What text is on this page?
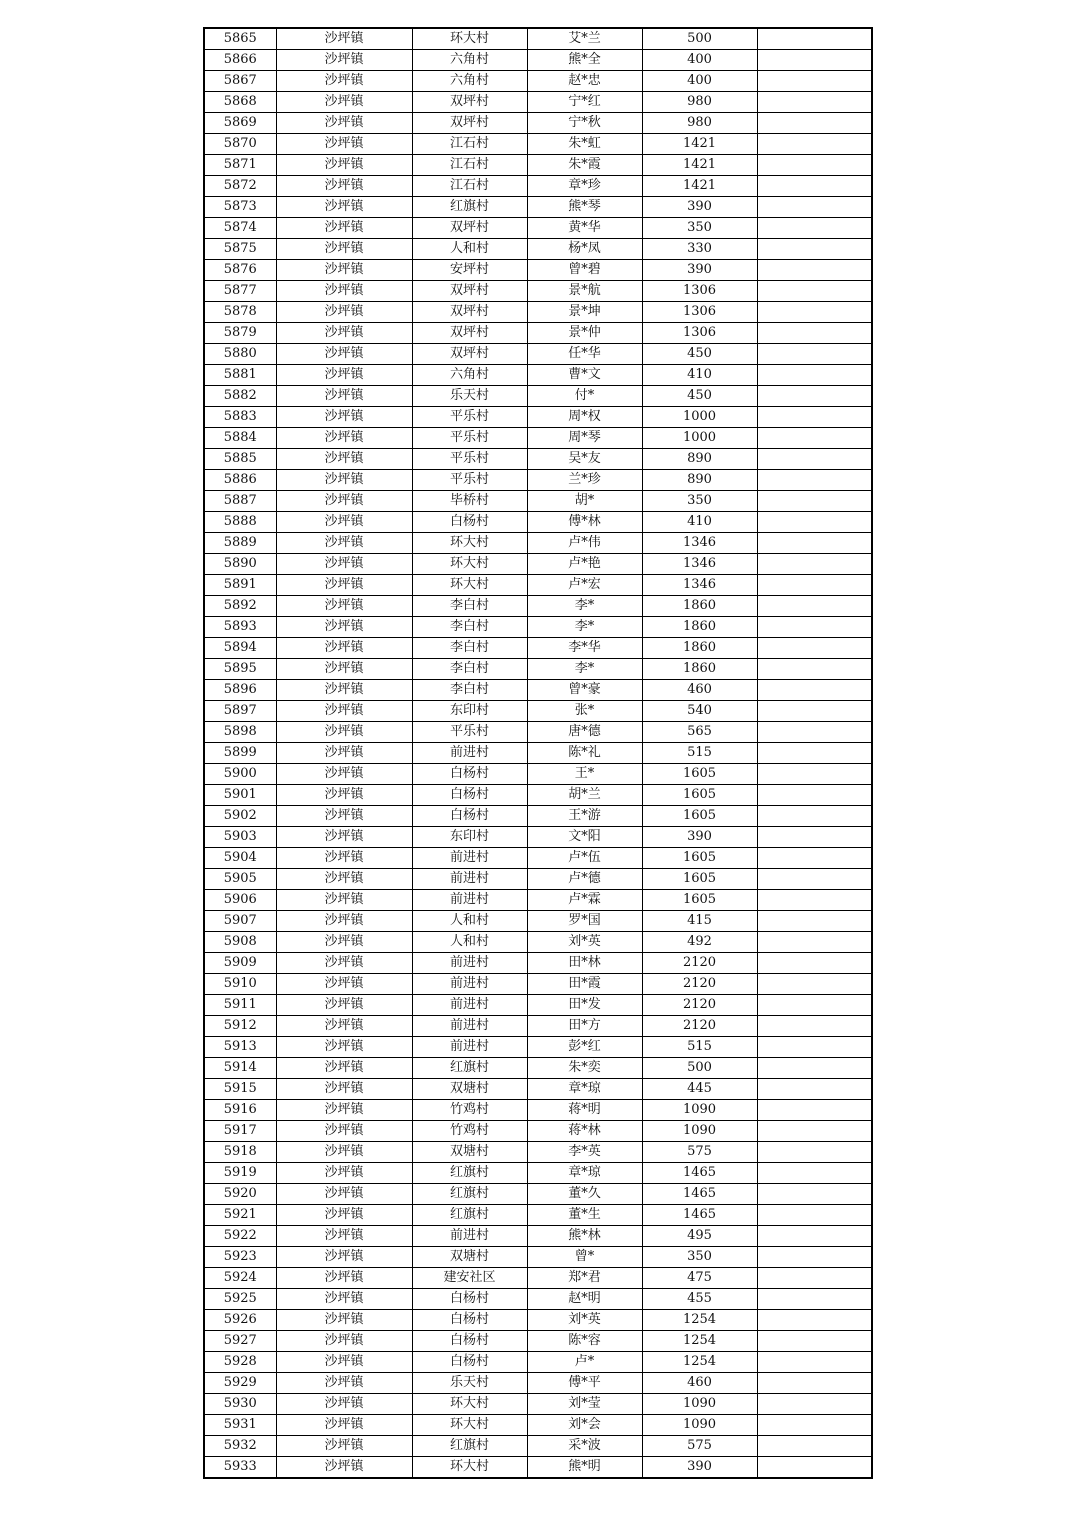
5865	沙坪镇	环大村	艾*兰	500	
5866	沙坪镇	六角村	熊*全	400	
5867	沙坪镇	六角村	赵*忠	400	
5868	沙坪镇	双坪村	宁*红	980	
5869	沙坪镇	双坪村	宁*秋	980	
5870	沙坪镇	江石村	朱*虹	1421	
5871	沙坪镇	江石村	朱*霞	1421	
5872	沙坪镇	江石村	章*珍	1421	
5873	沙坪镇	红旗村	熊*琴	390	
5874	沙坪镇	双坪村	黄*华	350	
5875	沙坪镇	人和村	杨*凤	330	
5876	沙坪镇	安坪村	曾*碧	390	
5877	沙坪镇	双坪村	景*航	1306	
5878	沙坪镇	双坪村	景*坤	1306	
5879	沙坪镇	双坪村	景*仲	1306	
5880	沙坪镇	双坪村	任*华	450	
5881	沙坪镇	六角村	曹*文	410	
5882	沙坪镇	乐天村	付*	450	
5883	沙坪镇	平乐村	周*权	1000	
5884	沙坪镇	平乐村	周*琴	1000	
5885	沙坪镇	平乐村	吴*友	890	
5886	沙坪镇	平乐村	兰*珍	890	
5887	沙坪镇	毕桥村	胡*	350	
5888	沙坪镇	白杨村	傅*林	410	
5889	沙坪镇	环大村	卢*伟	1346	
5890	沙坪镇	环大村	卢*艳	1346	
5891	沙坪镇	环大村	卢*宏	1346	
5892	沙坪镇	李白村	李*	1860	
5893	沙坪镇	李白村	李*	1860	
5894	沙坪镇	李白村	李*华	1860	
5895	沙坪镇	李白村	李*	1860	
5896	沙坪镇	李白村	曾*豪	460	
5897	沙坪镇	东印村	张*	540	
5898	沙坪镇	平乐村	唐*德	565	
5899	沙坪镇	前进村	陈*礼	515	
5900	沙坪镇	白杨村	王*	1605	
5901	沙坪镇	白杨村	胡*兰	1605	
5902	沙坪镇	白杨村	王*游	1605	
5903	沙坪镇	东印村	文*阳	390	
5904	沙坪镇	前进村	卢*伍	1605	
5905	沙坪镇	前进村	卢*德	1605	
5906	沙坪镇	前进村	卢*霖	1605	
5907	沙坪镇	人和村	罗*国	415	
5908	沙坪镇	人和村	刘*英	492	
5909	沙坪镇	前进村	田*林	2120	
5910	沙坪镇	前进村	田*霞	2120	
5911	沙坪镇	前进村	田*发	2120	
5912	沙坪镇	前进村	田*方	2120	
5913	沙坪镇	前进村	彭*红	515	
5914	沙坪镇	红旗村	朱*奕	500	
5915	沙坪镇	双塘村	章*琼	445	
5916	沙坪镇	竹鸡村	蒋*明	1090	
5917	沙坪镇	竹鸡村	蒋*林	1090	
5918	沙坪镇	双塘村	李*英	575	
5919	沙坪镇	红旗村	章*琼	1465	
5920	沙坪镇	红旗村	董*久	1465	
5921	沙坪镇	红旗村	董*生	1465	
5922	沙坪镇	前进村	熊*林	495	
5923	沙坪镇	双塘村	曾*	350	
5924	沙坪镇	建安社区	郑*君	475	
5925	沙坪镇	白杨村	赵*明	455	
5926	沙坪镇	白杨村	刘*英	1254	
5927	沙坪镇	白杨村	陈*容	1254	
5928	沙坪镇	白杨村	卢*	1254	
5929	沙坪镇	乐天村	傅*平	460	
5930	沙坪镇	环大村	刘*莹	1090	
5931	沙坪镇	环大村	刘*会	1090	
5932	沙坪镇	红旗村	采*波	575	
5933	沙坪镇	环大村	熊*明	390	
